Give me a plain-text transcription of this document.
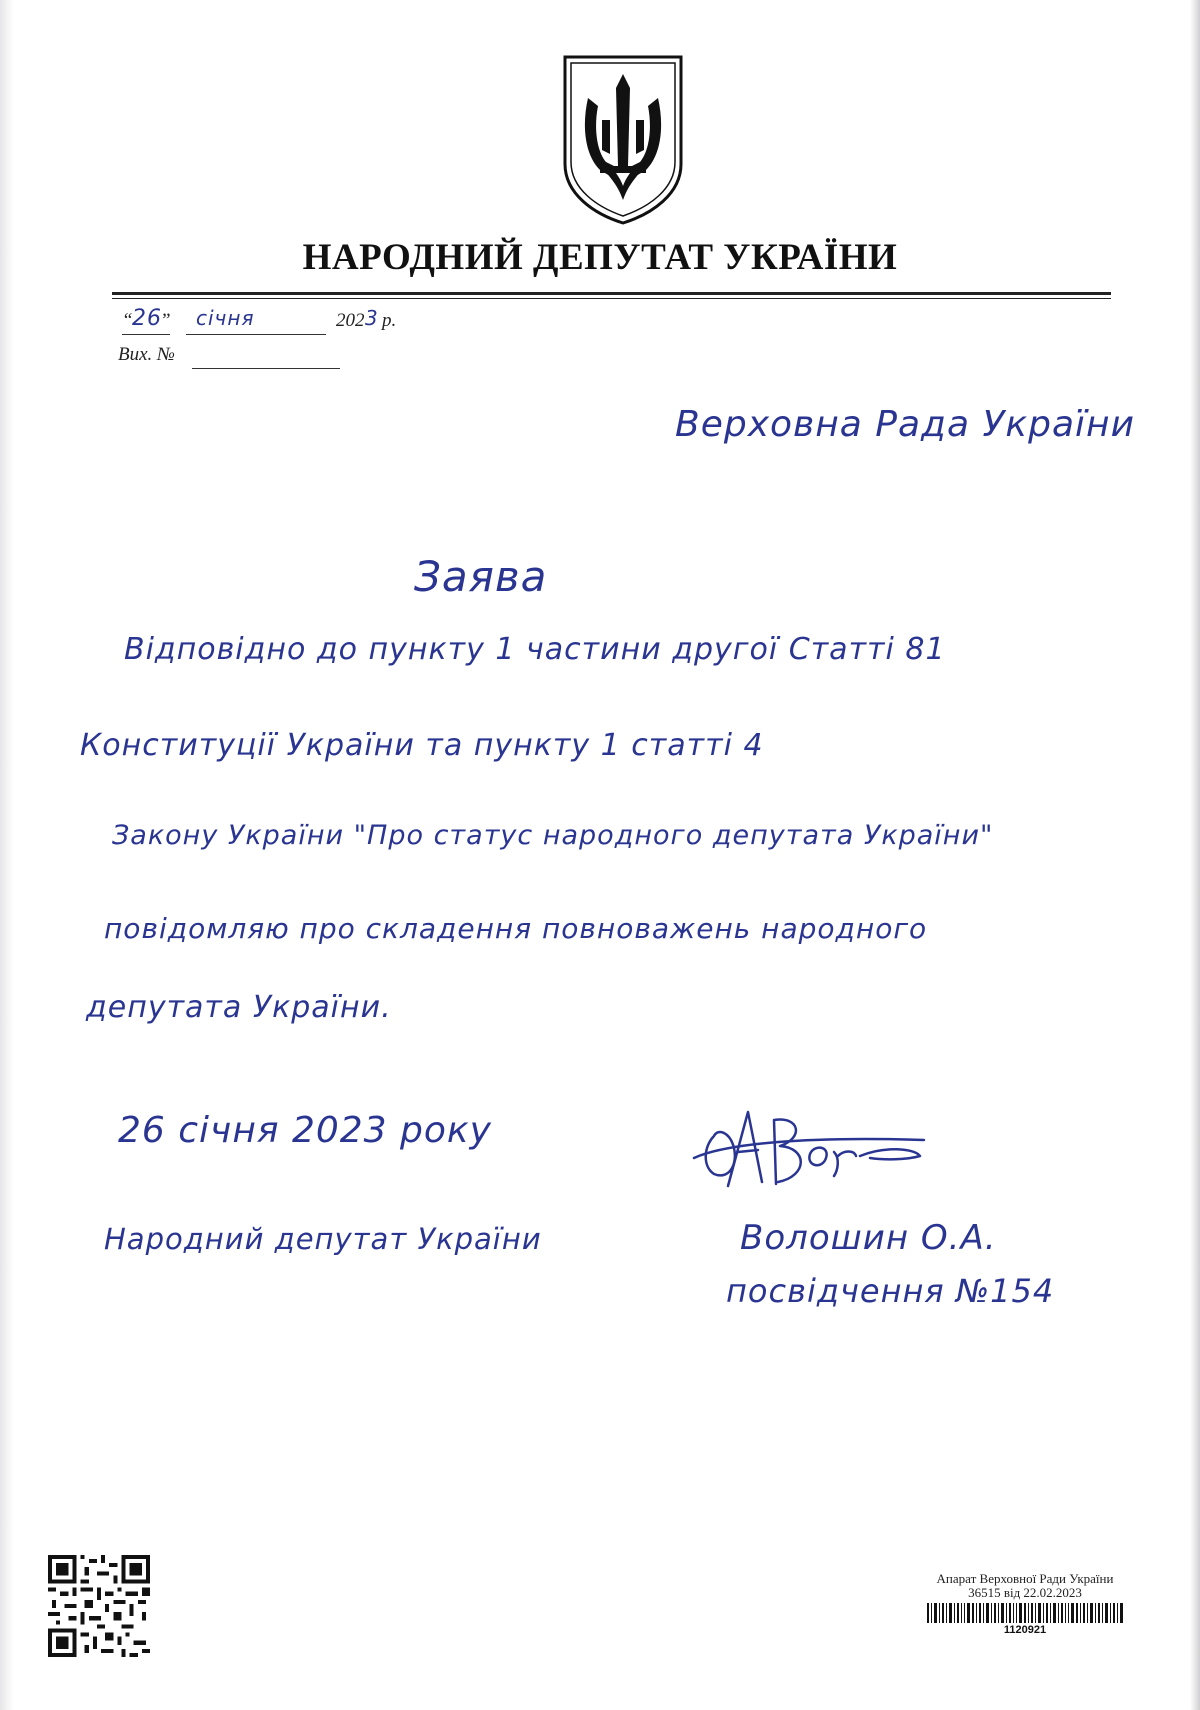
НАРОДНИЙ ДЕПУТАТ УКРАЇНИ
“ 26
” січня	202 3 р.
Вих. №
Верховна Рада України
Заява
Відповідно до пункту 1 частини другої Статті 81
Конституції України та пункту 1 статті 4
Закону України "Про статус народного депутата України"
повідомляю про складення повноважень народного
депутата України.
26 січня 2023 року
Народний депутат України	Волошин О.А.
посвідчення №154
Апарат Верховної Ради України
36515 від 22.02.2023
1120921
